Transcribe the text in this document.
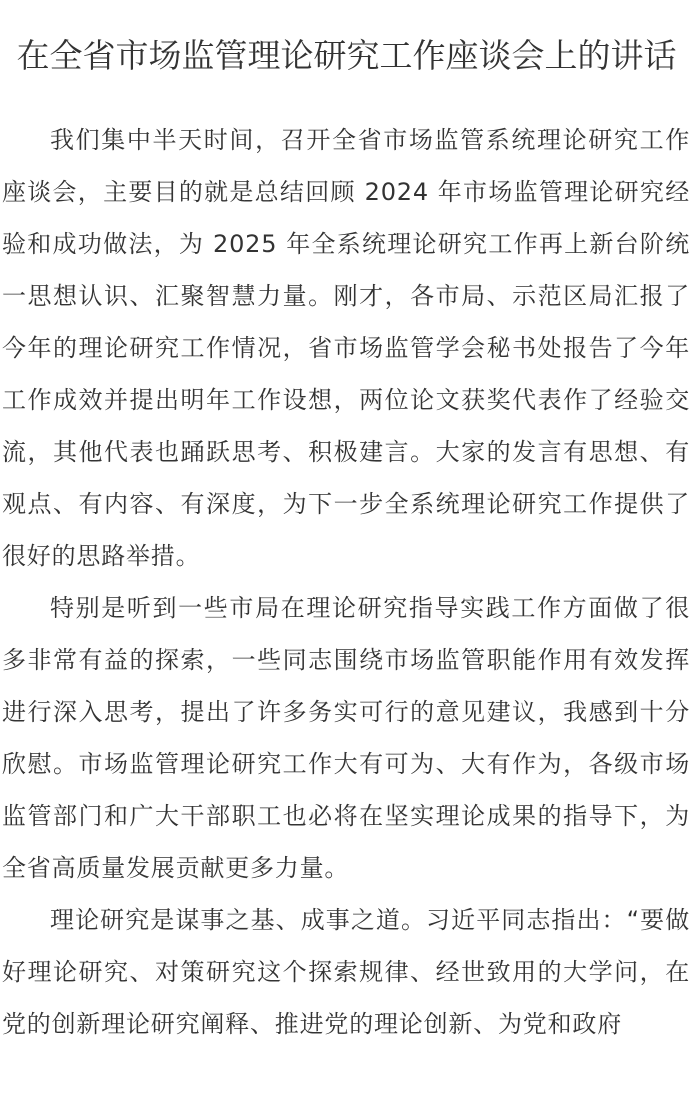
在全省市场监管理论研究工作座谈会上的讲话

我们集中半天时间，召开全省市场监管系统理论研究工作座谈会，主要目的就是总结回顾 2024 年市场监管理论研究经验和成功做法，为 2025 年全系统理论研究工作再上新台阶统一思想认识、汇聚智慧力量。刚才，各市局、示范区局汇报了今年的理论研究工作情况，省市场监管学会秘书处报告了今年工作成效并提出明年工作设想，两位论文获奖代表作了经验交流，其他代表也踊跃思考、积极建言。大家的发言有思想、有观点、有内容、有深度，为下一步全系统理论研究工作提供了很好的思路举措。

特别是听到一些市局在理论研究指导实践工作方面做了很多非常有益的探索，一些同志围绕市场监管职能作用有效发挥进行深入思考，提出了许多务实可行的意见建议，我感到十分欣慰。市场监管理论研究工作大有可为、大有作为，各级市场监管部门和广大干部职工也必将在坚实理论成果的指导下，为全省高质量发展贡献更多力量。

理论研究是谋事之基、成事之道。习近平同志指出：“要做好理论研究、对策研究这个探索规律、经世致用的大学问，在党的创新理论研究阐释、推进党的理论创新、为党和政府
